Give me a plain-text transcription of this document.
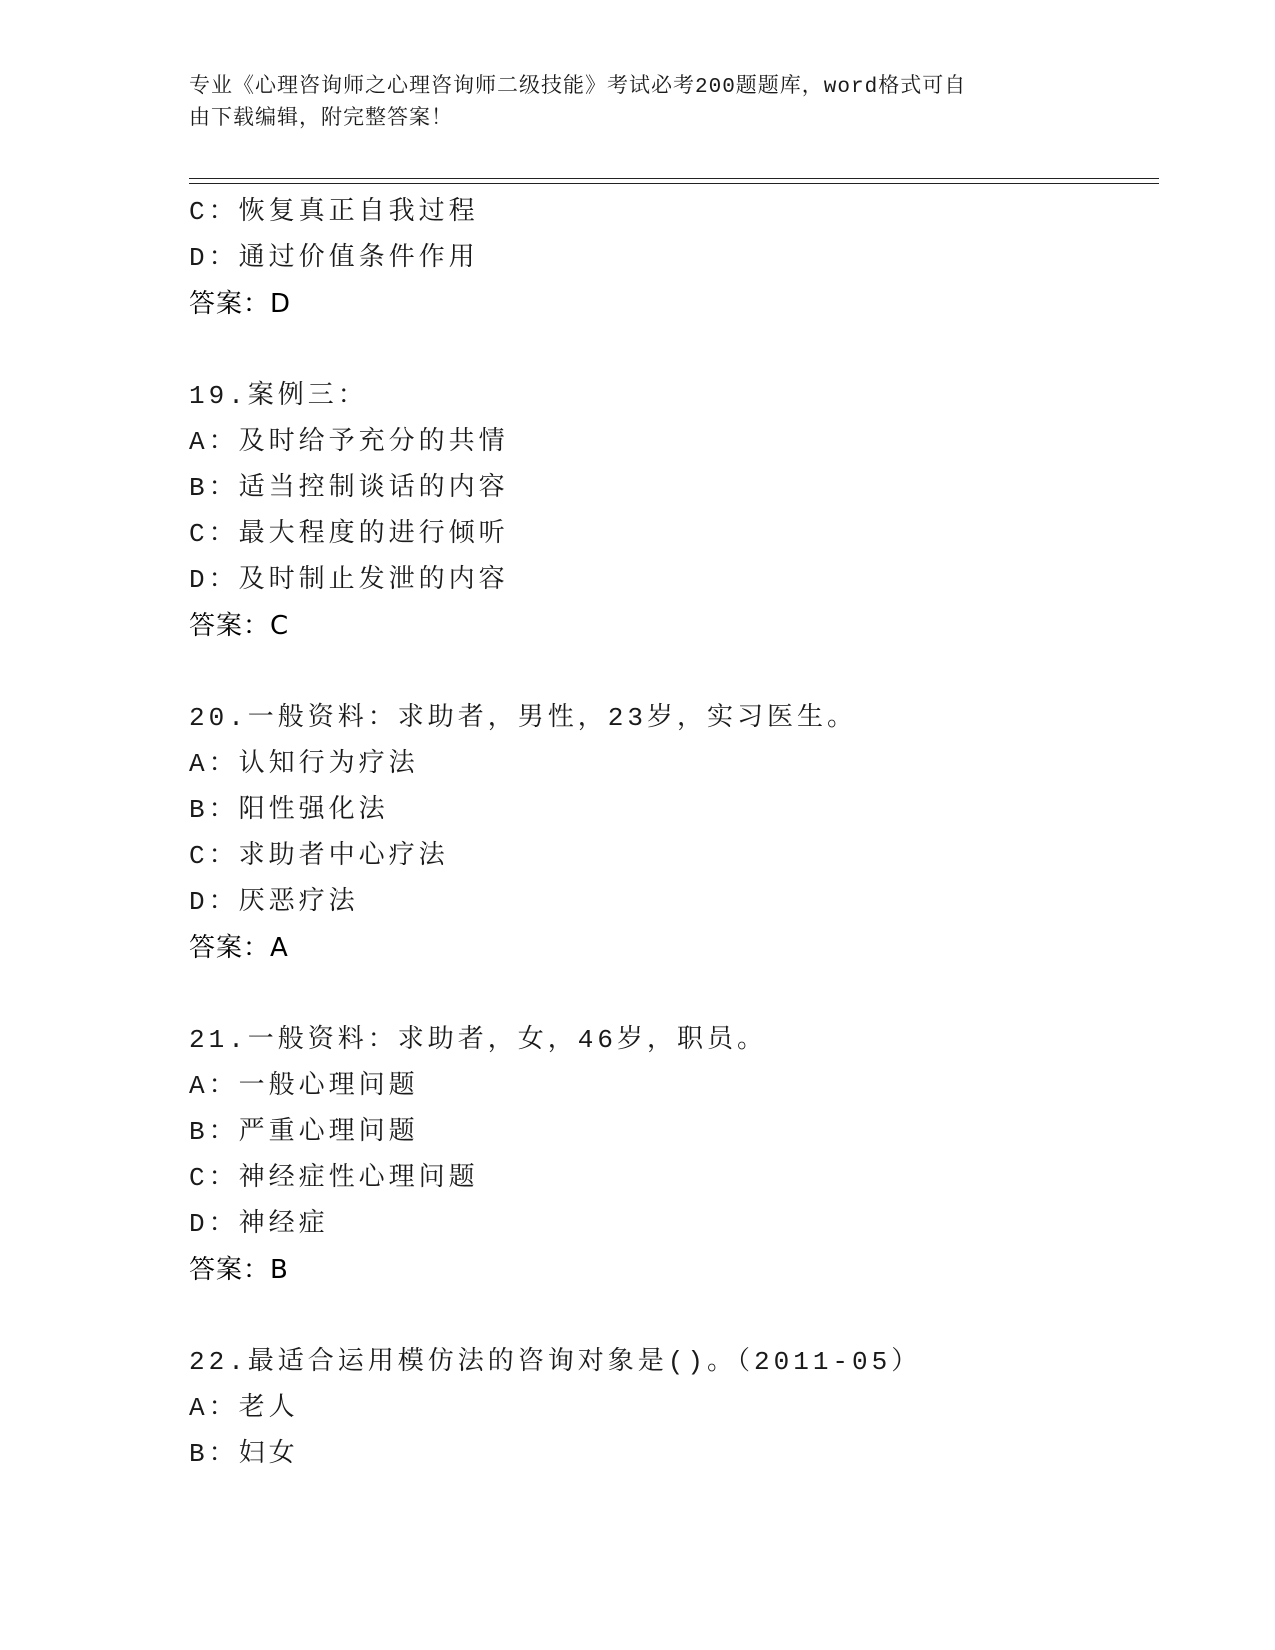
专业《心理咨询师之心理咨询师二级技能》考试必考200题题库，word格式可自
由下载编辑，附完整答案！
C：恢复真正自我过程
D：通过价值条件作用
答案：D
19.案例三：
A：及时给予充分的共情
B：适当控制谈话的内容
C：最大程度的进行倾听
D：及时制止发泄的内容
答案：C
20.一般资料：求助者，男性，23岁，实习医生。
A：认知行为疗法
B：阳性强化法
C：求助者中心疗法
D：厌恶疗法
答案：A
21.一般资料：求助者，女，46岁，职员。
A：一般心理问题
B：严重心理问题
C：神经症性心理问题
D：神经症
答案：B
22.最适合运用模仿法的咨询对象是()。（2011-05）
A：老人
B：妇女
